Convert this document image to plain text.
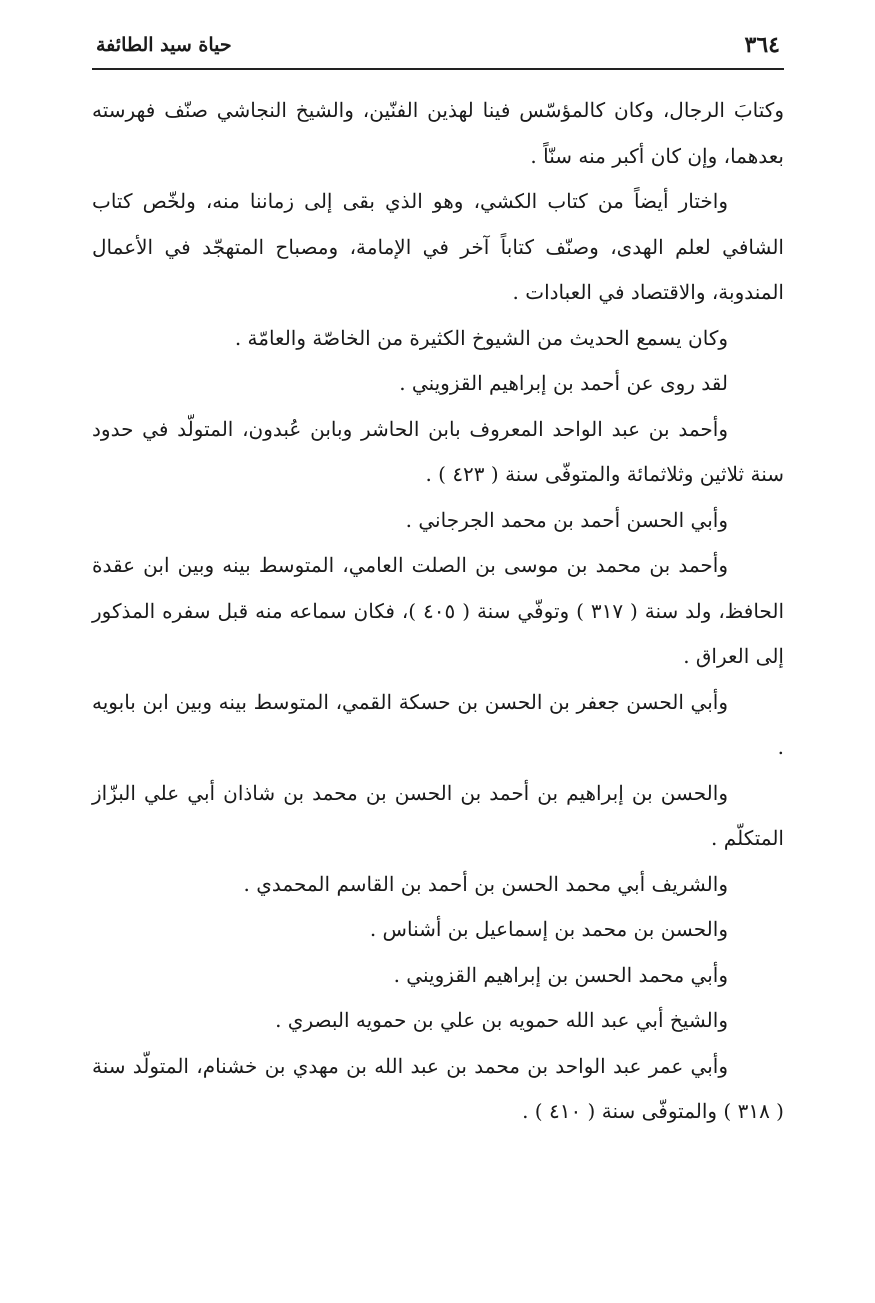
٣٦٤
حياة سيد الطائفة

وكتابَ الرجال، وكان كالمؤسّس فينا لهذين الفنّين، والشيخ النجاشي صنّف فهرسته بعدهما، وإن كان أكبر منه سنّاً .

واختار أيضاً من كتاب الكشي، وهو الذي بقى إلى زماننا منه، ولخّص كتاب الشافي لعلم الهدى، وصنّف كتاباً آخر في الإمامة، ومصباح المتهجّد في الأعمال المندوبة، والاقتصاد في العبادات .

وكان يسمع الحديث من الشيوخ الكثيرة من الخاصّة والعامّة .

لقد روى عن أحمد بن إبراهيم القزويني .

وأحمد بن عبد الواحد المعروف بابن الحاشر وبابن عُبدون، المتولّد في حدود سنة ثلاثين وثلاثمائة والمتوفّى سنة ( ٤٢٣ ) .

وأبي الحسن أحمد بن محمد الجرجاني .

وأحمد بن محمد بن موسى بن الصلت العامي، المتوسط بينه وبين ابن عقدة الحافظ، ولد سنة ( ٣١٧ ) وتوفّي سنة ( ٤٠٥ )، فكان سماعه منه قبل سفره المذكور إلى العراق .

وأبي الحسن جعفر بن الحسن بن حسكة القمي، المتوسط بينه وبين ابن بابويه .

والحسن بن إبراهيم بن أحمد بن الحسن بن محمد بن شاذان أبي علي البزّاز المتكلّم .

والشريف أبي محمد الحسن بن أحمد بن القاسم المحمدي .

والحسن بن محمد بن إسماعيل بن أشناس .

وأبي محمد الحسن بن إبراهيم القزويني .

والشيخ أبي عبد الله حمويه بن علي بن حمويه البصري .

وأبي عمر عبد الواحد بن محمد بن عبد الله بن مهدي بن خشنام، المتولّد سنة ( ٣١٨ ) والمتوفّى سنة ( ٤١٠ ) .
